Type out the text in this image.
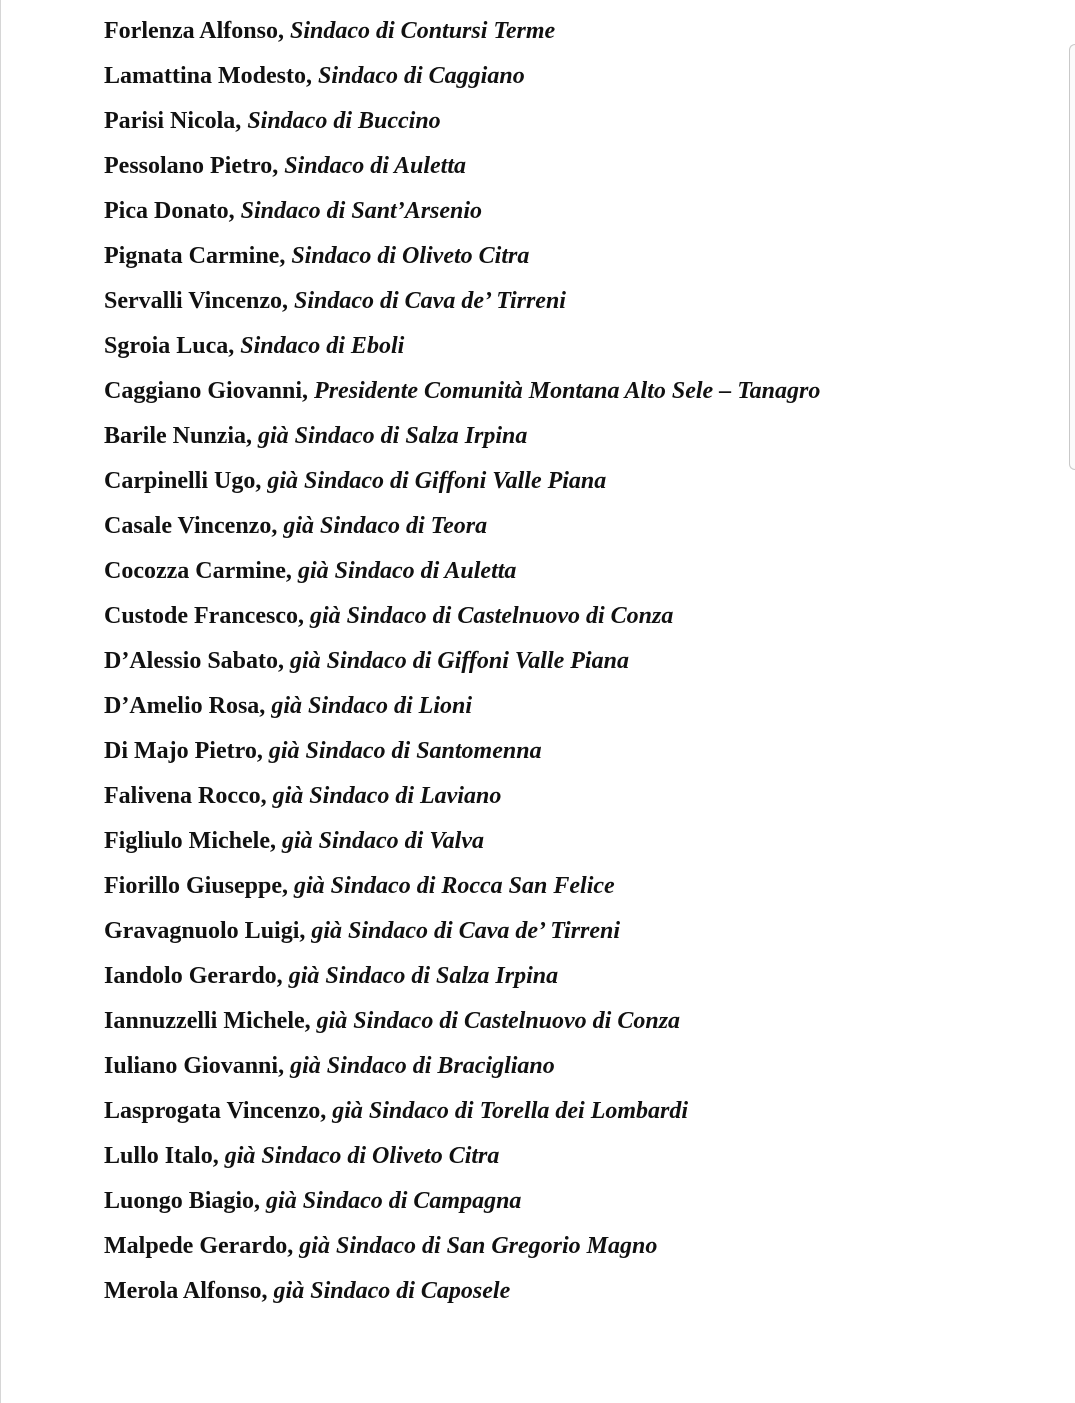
Forlenza Alfonso, Sindaco di Contursi Terme
Lamattina Modesto, Sindaco di Caggiano
Parisi Nicola, Sindaco di Buccino
Pessolano Pietro, Sindaco di Auletta
Pica Donato, Sindaco di Sant’Arsenio
Pignata Carmine, Sindaco di Oliveto Citra
Servalli Vincenzo, Sindaco di Cava de’ Tirreni
Sgroia Luca, Sindaco di Eboli
Caggiano Giovanni, Presidente Comunità Montana Alto Sele – Tanagro
Barile Nunzia, già Sindaco di Salza Irpina
Carpinelli Ugo, già Sindaco di Giffoni Valle Piana
Casale Vincenzo, già Sindaco di Teora
Cocozza Carmine, già Sindaco di Auletta
Custode Francesco, già Sindaco di Castelnuovo di Conza
D’Alessio Sabato, già Sindaco di Giffoni Valle Piana
D’Amelio Rosa, già Sindaco di Lioni
Di Majo Pietro, già Sindaco di Santomenna
Falivena Rocco, già Sindaco di Laviano
Figliulo Michele, già Sindaco di Valva
Fiorillo Giuseppe, già Sindaco di Rocca San Felice
Gravagnuolo Luigi, già Sindaco di Cava de’ Tirreni
Iandolo Gerardo, già Sindaco di Salza Irpina
Iannuzzelli Michele, già Sindaco di Castelnuovo di Conza
Iuliano Giovanni, già Sindaco di Bracigliano
Lasprogata Vincenzo, già Sindaco di Torella dei Lombardi
Lullo Italo, già Sindaco di Oliveto Citra
Luongo Biagio, già Sindaco di Campagna
Malpede Gerardo, già Sindaco di San Gregorio Magno
Merola Alfonso, già Sindaco di Caposele
